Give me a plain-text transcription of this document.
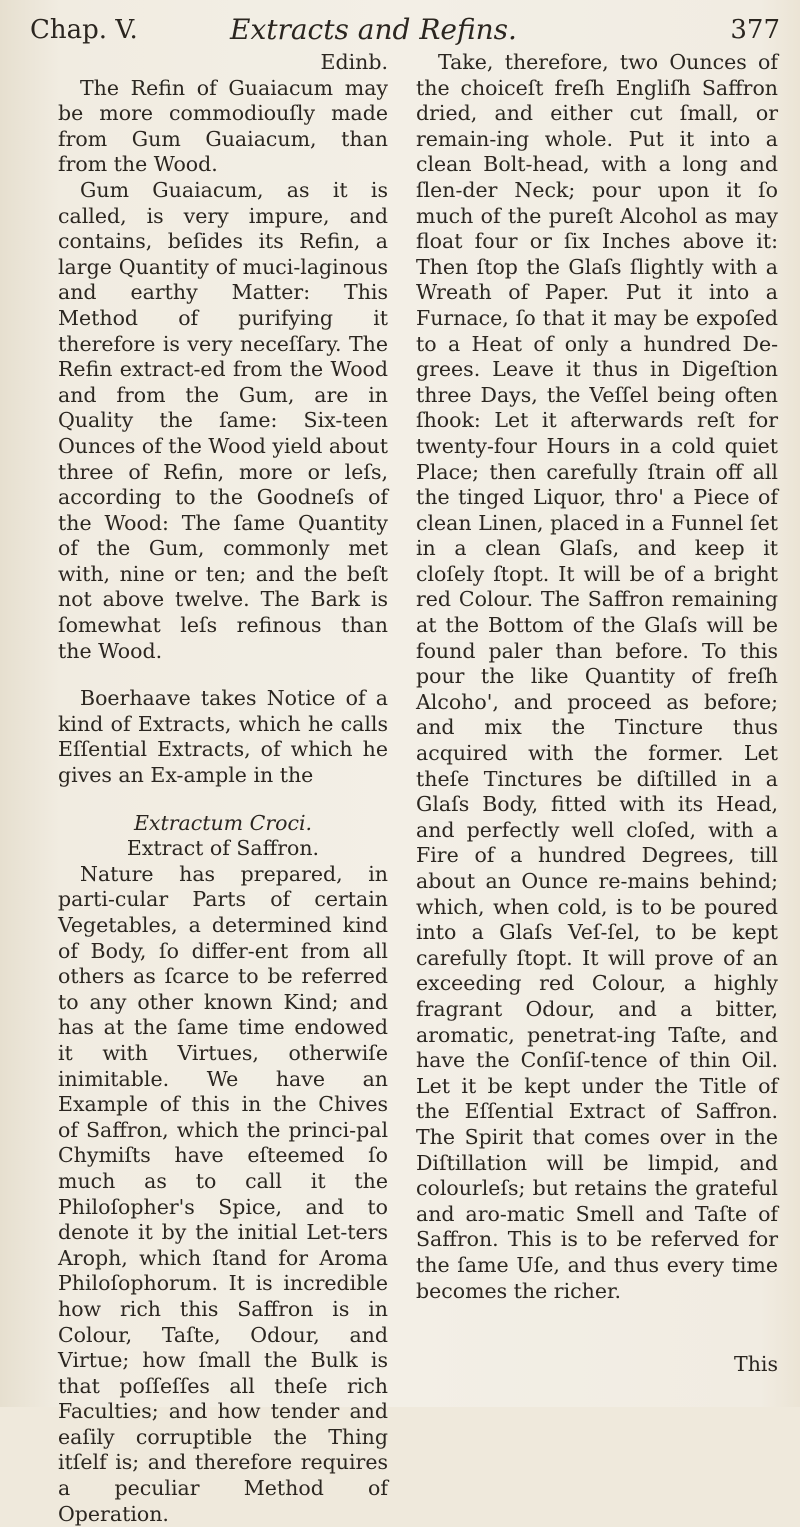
Chap. V.	Extracts and Refins.	377

Edinb.

The Refin of Guaiacum may be more commodiouſly made from Gum Guaiacum, than from the Wood.

Gum Guaiacum, as it is called, is very impure, and contains, beſides its Refin, a large Quantity of muci-laginous and earthy Matter: This Method of purifying it therefore is very neceſſary. The Refin extract-ed from the Wood and from the Gum, are in Quality the ſame: Six-teen Ounces of the Wood yield about three of Refin, more or leſs, according to the Goodneſs of the Wood: The ſame Quantity of the Gum, commonly met with, nine or ten; and the beſt not above twelve. The Bark is ſomewhat leſs refinous than the Wood.

Boerhaave takes Notice of a kind of Extracts, which he calls Eſſential Extracts, of which he gives an Ex-ample in the

Extractum Croci.

Extract of Saffron.

Nature has prepared, in parti-cular Parts of certain Vegetables, a determined kind of Body, ſo differ-ent from all others as ſcarce to be referred to any other known Kind; and has at the ſame time endowed it with Virtues, otherwiſe inimitable. We have an Example of this in the Chives of Saffron, which the princi-pal Chymiſts have eſteemed ſo much as to call it the Philoſopher's Spice, and to denote it by the initial Let-ters Aroph, which ſtand for Aroma Philoſophorum. It is incredible how rich this Saffron is in Colour, Taſte, Odour, and Virtue; how ſmall the Bulk is that poſſeſſes all theſe rich Faculties; and how tender and eaſily corruptible the Thing itſelf is; and therefore requires a peculiar Method of Operation.

Take, therefore, two Ounces of the choiceſt freſh Engliſh Saffron dried, and either cut ſmall, or remain-ing whole. Put it into a clean Bolt-head, with a long and ſlen-der Neck; pour upon it ſo much of the pureſt Alcohol as may float four or ſix Inches above it: Then ſtop the Glaſs ſlightly with a Wreath of Paper. Put it into a Furnace, ſo that it may be expoſed to a Heat of only a hundred De-grees. Leave it thus in Digeſtion three Days, the Veſſel being often ſhook: Let it afterwards reſt for twenty-four Hours in a cold quiet Place; then carefully ſtrain off all the tinged Liquor, thro' a Piece of clean Linen, placed in a Funnel ſet in a clean Glaſs, and keep it cloſely ſtopt. It will be of a bright red Colour. The Saffron remaining at the Bottom of the Glaſs will be found paler than before. To this pour the like Quantity of freſh Alcoho', and proceed as before; and mix the Tincture thus acquired with the former. Let theſe Tinctures be diſtilled in a Glaſs Body, fitted with its Head, and perfectly well cloſed, with a Fire of a hundred Degrees, till about an Ounce re-mains behind; which, when cold, is to be poured into a Glaſs Veſ-ſel, to be kept carefully ſtopt. It will prove of an exceeding red Colour, a highly fragrant Odour, and a bitter, aromatic, penetrat-ing Taſte, and have the Conſiſ-tence of thin Oil. Let it be kept under the Title of the Eſſential Extract of Saffron. The Spirit that comes over in the Diſtillation will be limpid, and colourleſs; but retains the grateful and aro-matic Smell and Taſte of Saffron. This is to be referved for the ſame Uſe, and thus every time becomes the richer.

This
